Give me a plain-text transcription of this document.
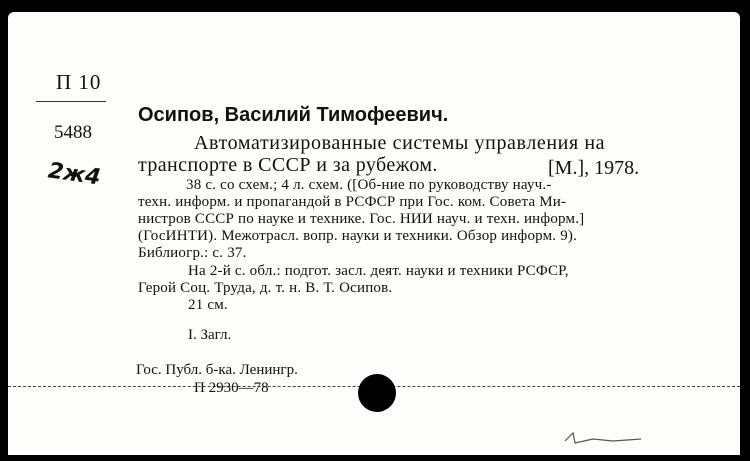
П 10
5488
2ж4
Осипов, Василий Тимофеевич.
Автоматизированные системы управления на
транспорте в СССР и за рубежом.	[М.], 1978.
38 с. со схем.; 4 л. схем. ([Об-ние по руководству науч.-
техн. информ. и пропагандой в РСФСР при Гос. ком. Совета Ми-
нистров СССР по науке и технике. Гос. НИИ науч. и техн. информ.]
(ГосИНТИ). Межотрасл. вопр. науки и техники. Обзор информ. 9).
Библиогр.: с. 37.
На 2-й с. обл.: подгот. засл. деят. науки и техники РСФСР,
Герой Соц. Труда, д. т. н. В. Т. Осипов.
21 см.
I. Загл.
Гос. Публ. б-ка. Ленингр.
П 2930—78
